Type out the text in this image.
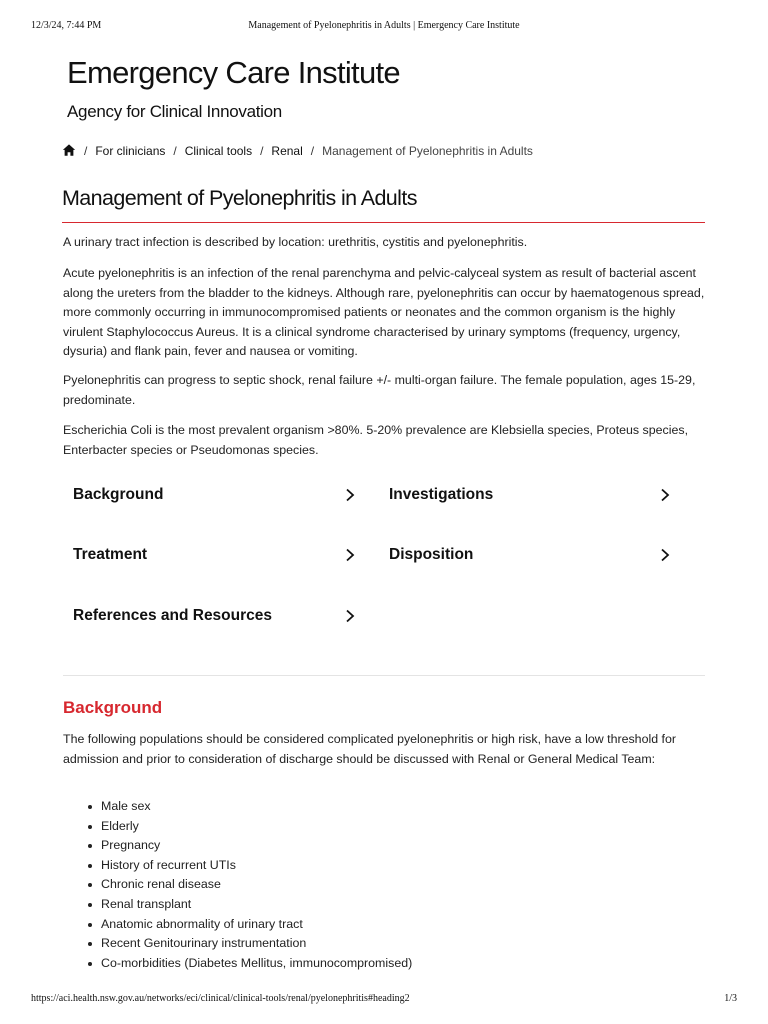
12/3/24, 7:44 PM	Management of Pyelonephritis in Adults | Emergency Care Institute
Emergency Care Institute
Agency for Clinical Innovation
/ For clinicians / Clinical tools / Renal / Management of Pyelonephritis in Adults
Management of Pyelonephritis in Adults

A urinary tract infection is described by location: urethritis, cystitis and pyelonephritis.

Acute pyelonephritis is an infection of the renal parenchyma and pelvic-calyceal system as result of bacterial ascent along the ureters from the bladder to the kidneys. Although rare, pyelonephritis can occur by haematogenous spread, more commonly occurring in immunocompromised patients or neonates and the common organism is the highly virulent Staphylococcus Aureus. It is a clinical syndrome characterised by urinary symptoms (frequency, urgency, dysuria) and flank pain, fever and nausea or vomiting.

Pyelonephritis can progress to septic shock, renal failure +/- multi-organ failure. The female population, ages 15-29, predominate.

Escherichia Coli is the most prevalent organism >80%. 5-20% prevalence are Klebsiella species, Proteus species, Enterbacter species or Pseudomonas species.

Background	Investigations
Treatment	Disposition
References and Resources
Background

The following populations should be considered complicated pyelonephritis or high risk, have a low threshold for admission and prior to consideration of discharge should be discussed with Renal or General Medical Team:

Male sex
Elderly
Pregnancy
History of recurrent UTIs
Chronic renal disease
Renal transplant
Anatomic abnormality of urinary tract
Recent Genitourinary instrumentation
Co-morbidities (Diabetes Mellitus, immunocompromised)
https://aci.health.nsw.gov.au/networks/eci/clinical/clinical-tools/renal/pyelonephritis#heading2	1/3
